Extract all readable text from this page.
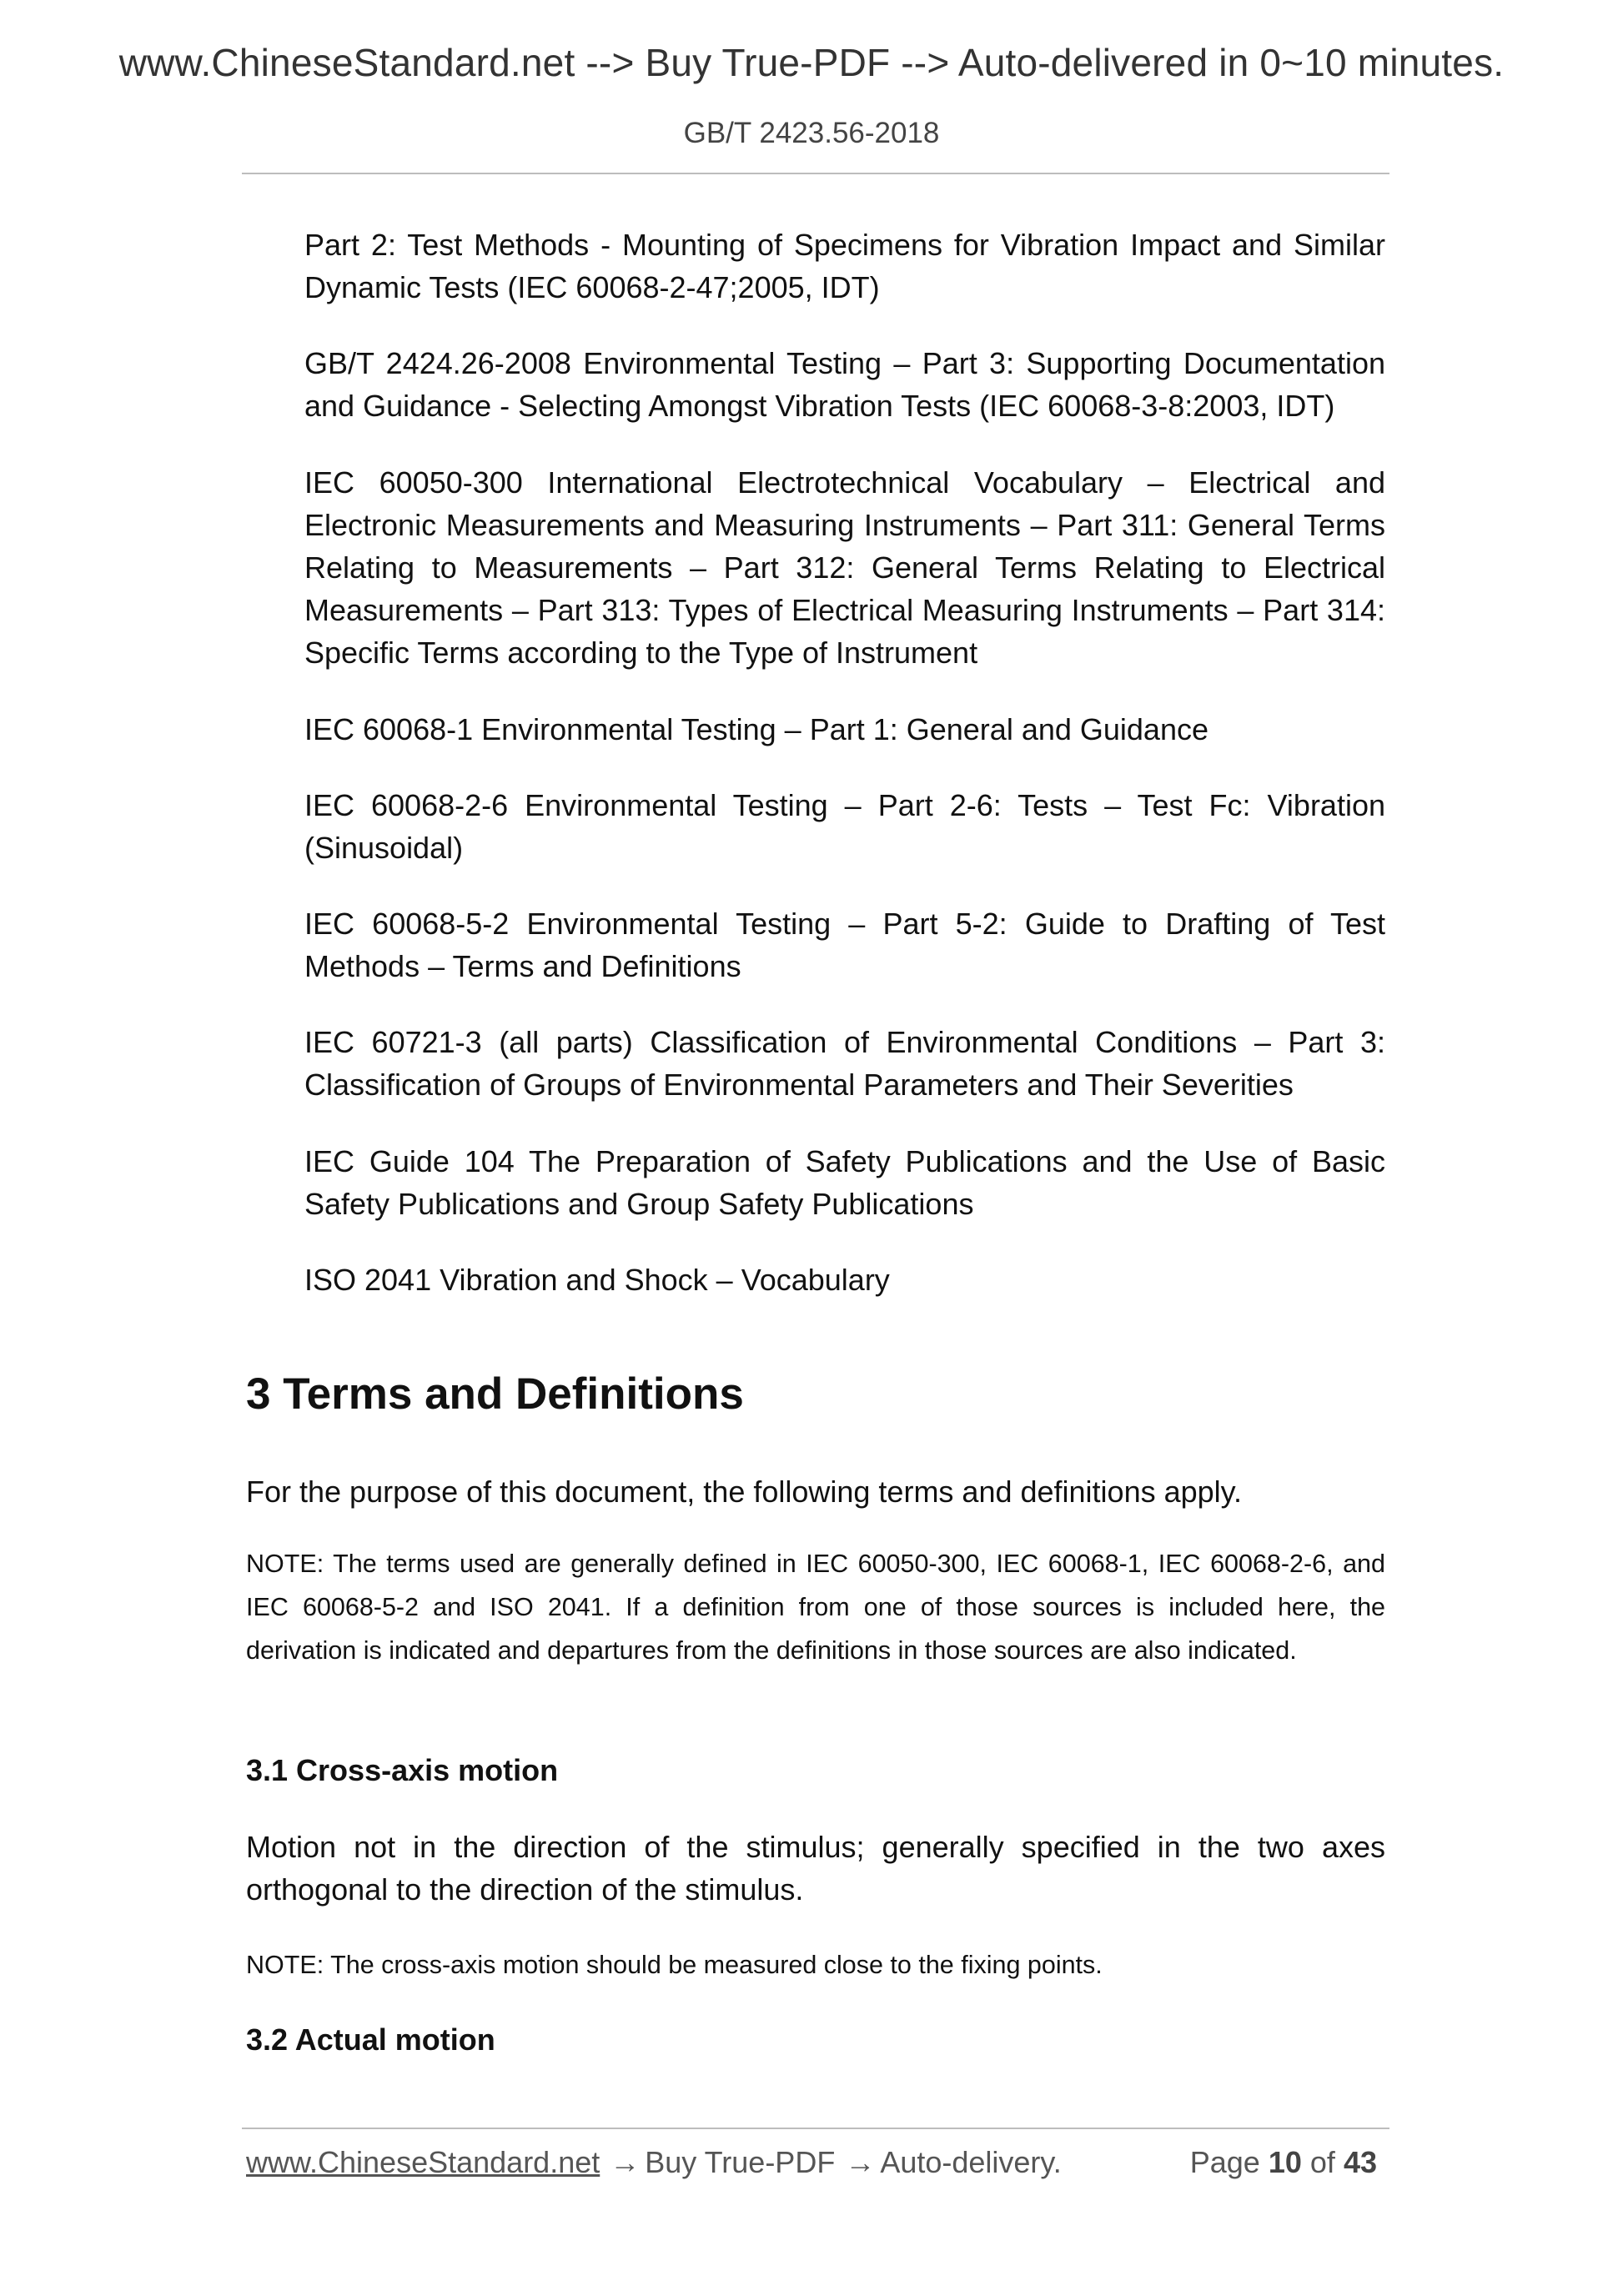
www.ChineseStandard.net --> Buy True-PDF --> Auto-delivered in 0~10 minutes.
GB/T 2423.56-2018
Part 2: Test Methods - Mounting of Specimens for Vibration Impact and Similar Dynamic Tests (IEC 60068-2-47;2005, IDT)
GB/T 2424.26-2008 Environmental Testing – Part 3: Supporting Documentation and Guidance - Selecting Amongst Vibration Tests (IEC 60068-3-8:2003, IDT)
IEC 60050-300 International Electrotechnical Vocabulary – Electrical and Electronic Measurements and Measuring Instruments – Part 311: General Terms Relating to Measurements – Part 312: General Terms Relating to Electrical Measurements – Part 313: Types of Electrical Measuring Instruments – Part 314: Specific Terms according to the Type of Instrument
IEC 60068-1 Environmental Testing – Part 1: General and Guidance
IEC 60068-2-6 Environmental Testing – Part 2-6: Tests – Test Fc: Vibration (Sinusoidal)
IEC 60068-5-2 Environmental Testing – Part 5-2: Guide to Drafting of Test Methods – Terms and Definitions
IEC 60721-3 (all parts) Classification of Environmental Conditions – Part 3: Classification of Groups of Environmental Parameters and Their Severities
IEC Guide 104 The Preparation of Safety Publications and the Use of Basic Safety Publications and Group Safety Publications
ISO 2041 Vibration and Shock – Vocabulary
3 Terms and Definitions
For the purpose of this document, the following terms and definitions apply.
NOTE: The terms used are generally defined in IEC 60050-300, IEC 60068-1, IEC 60068-2-6, and IEC 60068-5-2 and ISO 2041. If a definition from one of those sources is included here, the derivation is indicated and departures from the definitions in those sources are also indicated.
3.1 Cross-axis motion
Motion not in the direction of the stimulus; generally specified in the two axes orthogonal to the direction of the stimulus.
NOTE: The cross-axis motion should be measured close to the fixing points.
3.2 Actual motion
www.ChineseStandard.net → Buy True-PDF → Auto-delivery.	Page 10 of 43
